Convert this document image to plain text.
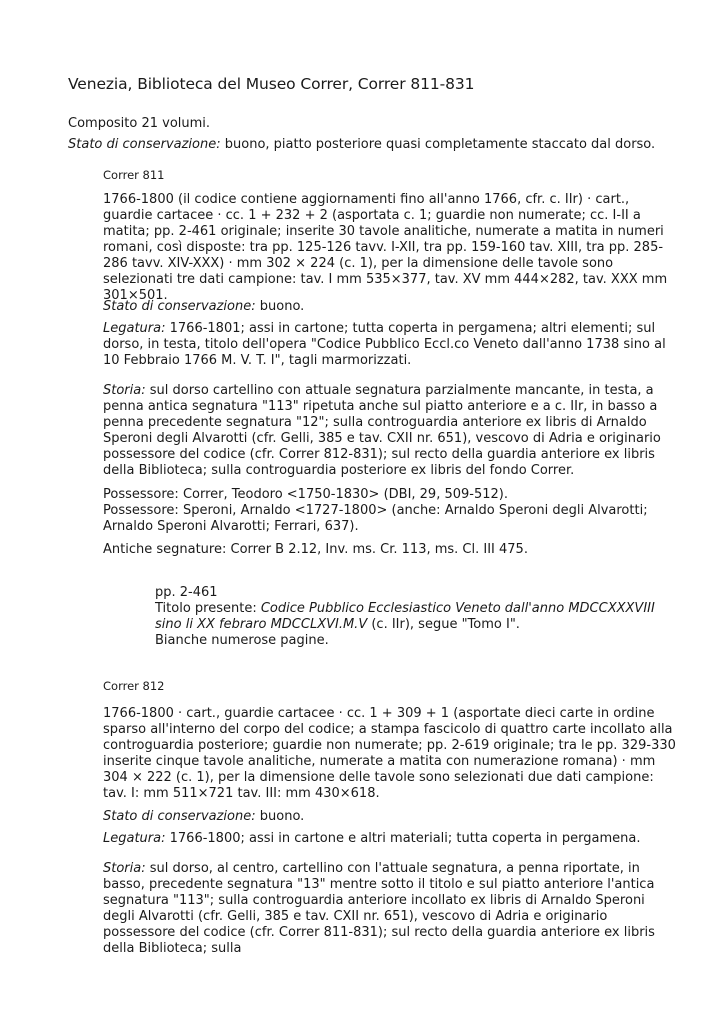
Venezia, Biblioteca del Museo Correr, Correr 811-831
Composito 21 volumi.
Stato di conservazione: buono, piatto posteriore quasi completamente staccato dal dorso.
Correr 811
1766-1800 (il codice contiene aggiornamenti fino all'anno 1766, cfr. c. IIr) · cart., guardie cartacee · cc. 1 + 232 + 2 (asportata c. 1; guardie non numerate; cc. I-II a matita; pp. 2-461 originale; inserite 30 tavole analitiche, numerate a matita in numeri romani, così disposte: tra pp. 125-126 tavv. I-XII, tra pp. 159-160 tav. XIII, tra pp. 285-286 tavv. XIV-XXX) · mm 302 × 224 (c. 1), per la dimensione delle tavole sono selezionati tre dati campione: tav. I mm 535×377, tav. XV mm 444×282, tav. XXX mm 301×501.
Stato di conservazione: buono.
Legatura: 1766-1801; assi in cartone; tutta coperta in pergamena; altri elementi; sul dorso, in testa, titolo dell'opera "Codice Pubblico Eccl.co Veneto dall'anno 1738 sino al 10 Febbraio 1766 M. V. T. I", tagli marmorizzati.
Storia: sul dorso cartellino con attuale segnatura parzialmente mancante, in testa, a penna antica segnatura "113" ripetuta anche sul piatto anteriore e a c. IIr, in basso a penna precedente segnatura "12"; sulla controguardia anteriore ex libris di Arnaldo Speroni degli Alvarotti (cfr. Gelli, 385 e tav. CXII nr. 651), vescovo di Adria e originario possessore del codice (cfr. Correr 812-831); sul recto della guardia anteriore ex libris della Biblioteca; sulla controguardia posteriore ex libris del fondo Correr.
Possessore: Correr, Teodoro <1750-1830> (DBI, 29, 509-512).
Possessore: Speroni, Arnaldo <1727-1800> (anche: Arnaldo Speroni degli Alvarotti; Arnaldo Speroni Alvarotti; Ferrari, 637).
Antiche segnature: Correr B 2.12, Inv. ms. Cr. 113, ms. Cl. III 475.

pp. 2-461

Titolo presente: Codice Pubblico Ecclesiastico Veneto dall'anno MDCCXXXVIII sino li XX febraro MDCCLXVI.M.V (c. IIr), segue "Tomo I".

Bianche numerose pagine.

Correr 812
1766-1800 · cart., guardie cartacee · cc. 1 + 309 + 1 (asportate dieci carte in ordine sparso all'interno del corpo del codice; a stampa fascicolo di quattro carte incollato alla controguardia posteriore; guardie non numerate; pp. 2-619 originale; tra le pp. 329-330 inserite cinque tavole analitiche, numerate a matita con numerazione romana) · mm 304 × 222 (c. 1), per la dimensione delle tavole sono selezionati due dati campione: tav. I: mm 511×721 tav. III: mm 430×618.
Stato di conservazione: buono.
Legatura: 1766-1800; assi in cartone e altri materiali; tutta coperta in pergamena.
Storia: sul dorso, al centro, cartellino con l'attuale segnatura, a penna riportate, in basso, precedente segnatura "13" mentre sotto il titolo e sul piatto anteriore l'antica segnatura "113"; sulla controguardia anteriore incollato ex libris di Arnaldo Speroni degli Alvarotti (cfr. Gelli, 385 e tav. CXII nr. 651), vescovo di Adria e originario possessore del codice (cfr. Correr 811-831); sul recto della guardia anteriore ex libris della Biblioteca; sulla
